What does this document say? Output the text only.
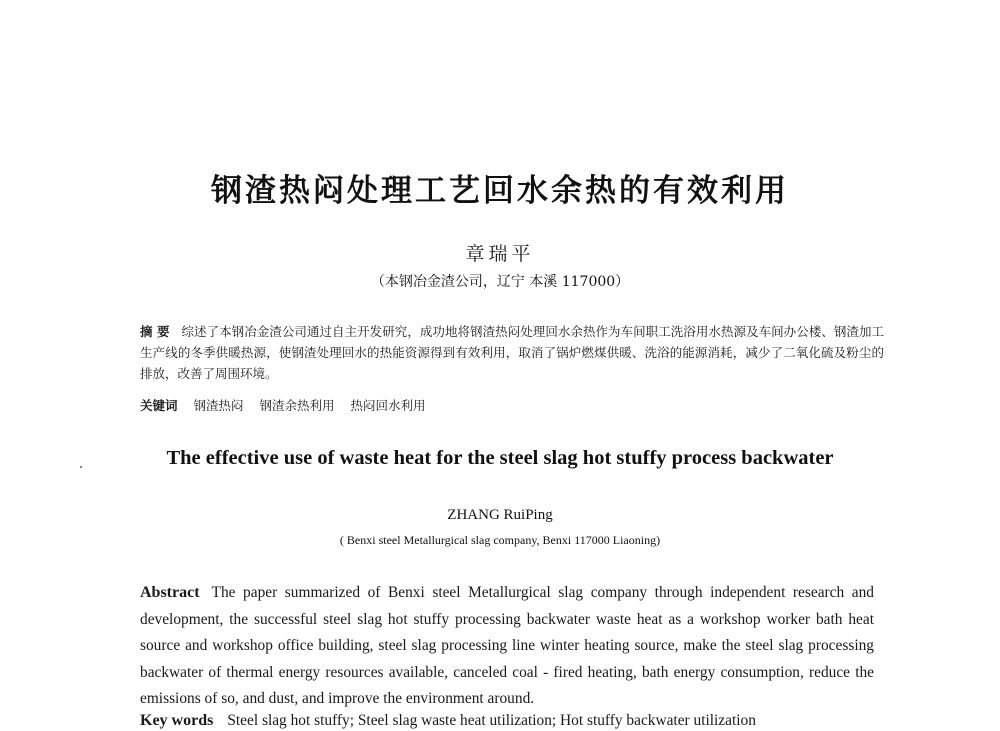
钢渣热闷处理工艺回水余热的有效利用
章瑞平
（本钢冶金渣公司，辽宁 本溪 117000）
摘 要 综述了本钢冶金渣公司通过自主开发研究，成功地将钢渣热闷处理回水余热作为车间职工洗浴用水热源及车间办公楼、钢渣加工生产线的冬季供暖热源，使钢渣处理回水的热能资源得到有效利用，取消了锅炉燃煤供暖、洗浴的能源消耗，减少了二氧化硫及粉尘的排放，改善了周围环境。
关键词 钢渣热闷 钢渣余热利用 热闷回水利用
The effective use of waste heat for the steel slag hot stuffy process backwater
ZHANG RuiPing
( Benxi steel Metallurgical slag company, Benxi 117000 Liaoning)
Abstract The paper summarized of Benxi steel Metallurgical slag company through independent research and development, the successful steel slag hot stuffy processing backwater waste heat as a workshop worker bath heat source and workshop office building, steel slag processing line winter heating source, make the steel slag processing backwater of thermal energy resources available, canceled coal - fired heating, bath energy consumption, reduce the emissions of so, and dust, and improve the environment around.
Key words Steel slag hot stuffy; Steel slag waste heat utilization; Hot stuffy backwater utilization
